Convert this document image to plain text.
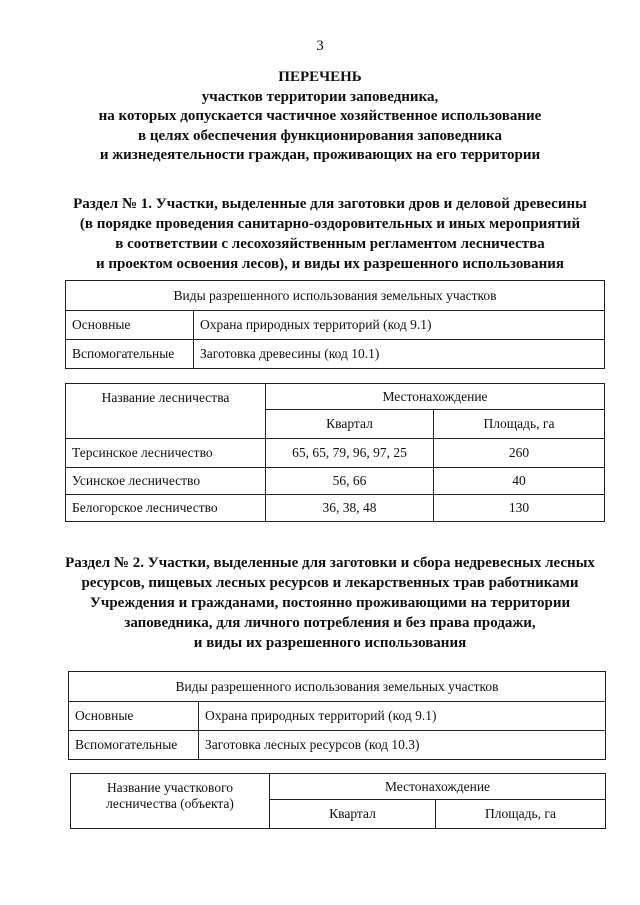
3
ПЕРЕЧЕНЬ
участков территории заповедника,
на которых допускается частичное хозяйственное использование
в целях обеспечения функционирования заповедника
и жизнедеятельности граждан, проживающих на его территории
Раздел № 1. Участки, выделенные для заготовки дров и деловой древесины
(в порядке проведения санитарно-оздоровительных и иных мероприятий
в соответствии с лесохозяйственным регламентом лесничества
и проектом освоения лесов), и виды их разрешенного использования
Виды разрешенного использования земельных участков	
Основные	Охрана природных территорий (код 9.1)
Вспомогательные	Заготовка древесины (код 10.1)
Название лесничества	Местонахождение	
	Квартал	Площадь, га
Терсинское лесничество	65, 65, 79, 96, 97, 25	260
Усинское лесничество	56, 66	40
Белогорское лесничество	36, 38, 48	130
Раздел № 2. Участки, выделенные для заготовки и сбора недревесных лесных
ресурсов, пищевых лесных ресурсов и лекарственных трав работниками
Учреждения и гражданами, постоянно проживающими на территории
заповедника, для личного потребления и без права продажи,
и виды их разрешенного использования
Виды разрешенного использования земельных участков	
Основные	Охрана природных территорий (код 9.1)
Вспомогательные	Заготовка лесных ресурсов (код 10.3)
Название участкового
лесничества (объекта)	Местонахождение	
	Квартал	Площадь, га
